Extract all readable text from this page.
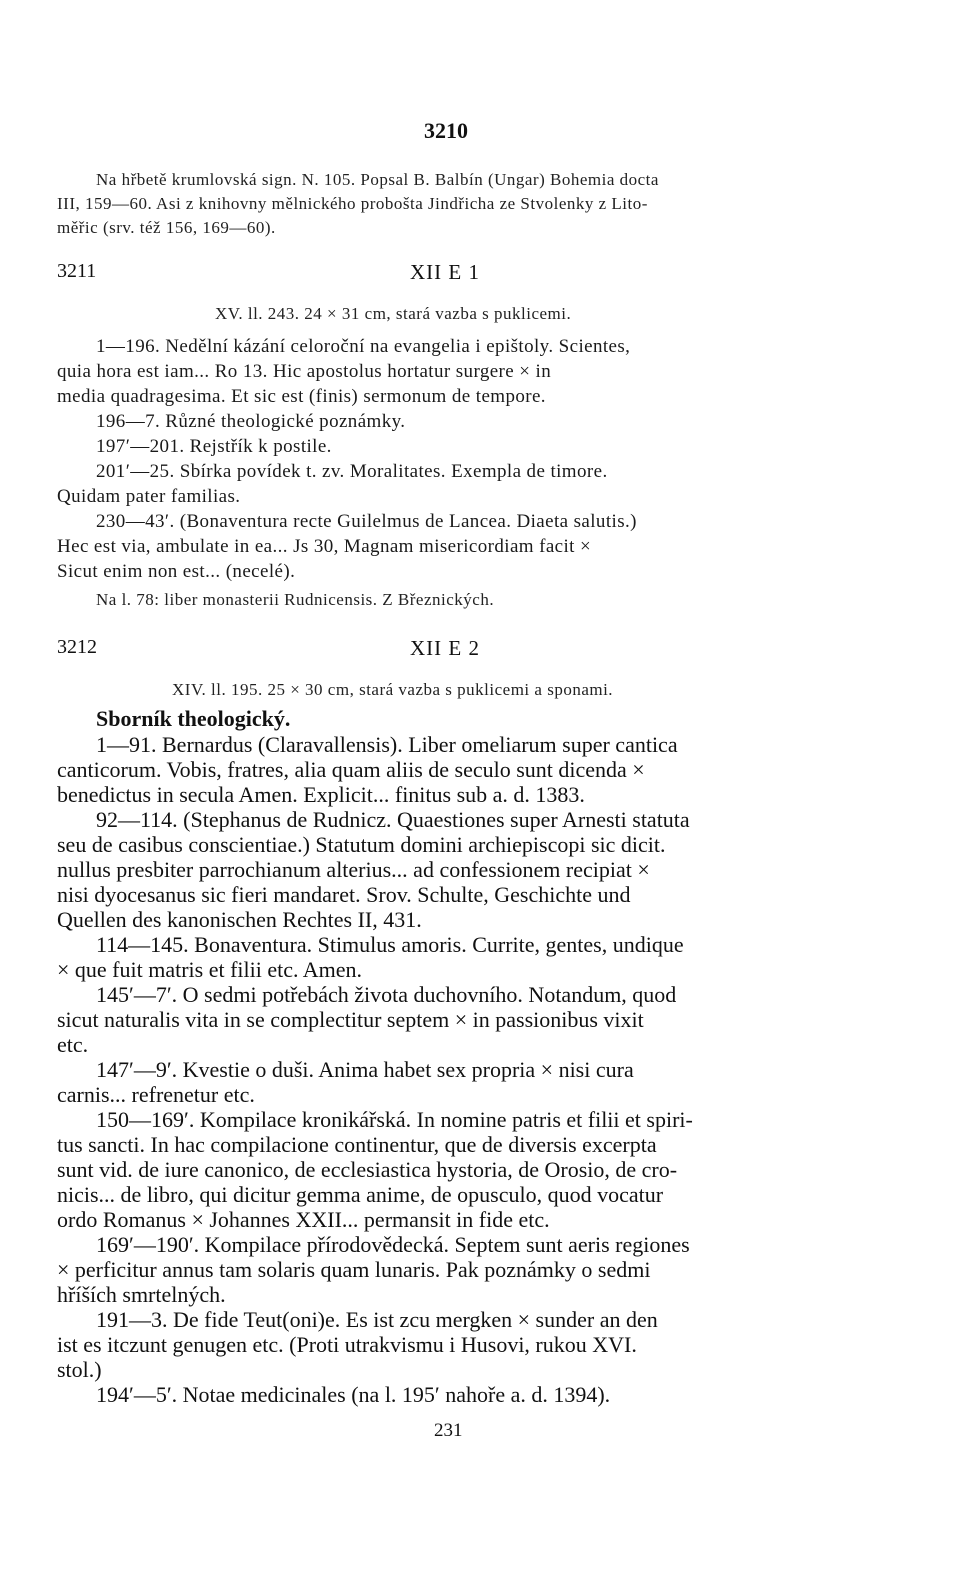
3210
Na hřbetě krumlovská sign. N. 105. Popsal B. Balbín (Ungar) Bohemia docta
III, 159—60. Asi z knihovny mělnického probošta Jindřicha ze Stvolenky z Lito-
měřic (srv. též 156, 169—60).
3211	XII E 1
XV. ll. 243. 24 × 31 cm, stará vazba s puklicemi.
1—196. Nedělní kázání celoroční na evangelia i epištoly. Scientes,
quia hora est iam... Ro 13. Hic apostolus hortatur surgere × in
media quadragesima. Et sic est (finis) sermonum de tempore.
196—7. Různé theologické poznámky.
197′—201. Rejstřík k postile.
201′—25. Sbírka povídek t. zv. Moralitates. Exempla de timore.
Quidam pater familias.
230—43′. (Bonaventura recte Guilelmus de Lancea. Diaeta salutis.)
Hec est via, ambulate in ea... Js 30, Magnam misericordiam facit ×
Sicut enim non est... (necelé).
Na l. 78: liber monasterii Rudnicensis. Z Březnických.
3212	XII E 2
XIV. ll. 195. 25 × 30 cm, stará vazba s puklicemi a sponami.
Sborník theologický.
1—91. Bernardus (Claravallensis). Liber omeliarum super cantica
canticorum. Vobis, fratres, alia quam aliis de seculo sunt dicenda ×
benedictus in secula Amen. Explicit... finitus sub a. d. 1383.
92—114. (Stephanus de Rudnicz. Quaestiones super Arnesti statuta
seu de casibus conscientiae.) Statutum domini archiepiscopi sic dicit.
nullus presbiter parrochianum alterius... ad confessionem recipiat ×
nisi dyocesanus sic fieri mandaret. Srov. Schulte, Geschichte und
Quellen des kanonischen Rechtes II, 431.
114—145. Bonaventura. Stimulus amoris. Currite, gentes, undique
× que fuit matris et filii etc. Amen.
145′—7′. O sedmi potřebách života duchovního. Notandum, quod
sicut naturalis vita in se complectitur septem × in passionibus vixit
etc.
147′—9′. Kvestie o duši. Anima habet sex propria × nisi cura
carnis... refrenetur etc.
150—169′. Kompilace kronikářská. In nomine patris et filii et spiri-
tus sancti. In hac compilacione continentur, que de diversis excerpta
sunt vid. de iure canonico, de ecclesiastica hystoria, de Orosio, de cro-
nicis... de libro, qui dicitur gemma anime, de opusculo, quod vocatur
ordo Romanus × Johannes XXII... permansit in fide etc.
169′—190′. Kompilace přírodovědecká. Septem sunt aeris regiones
× perficitur annus tam solaris quam lunaris. Pak poznámky o sedmi
hříších smrtelných.
191—3. De fide Teut(oni)e. Es ist zcu mergken × sunder an den
ist es itczunt genugen etc. (Proti utrakvismu i Husovi, rukou XVI.
stol.)
194′—5′. Notae medicinales (na l. 195′ nahoře a. d. 1394).
231
